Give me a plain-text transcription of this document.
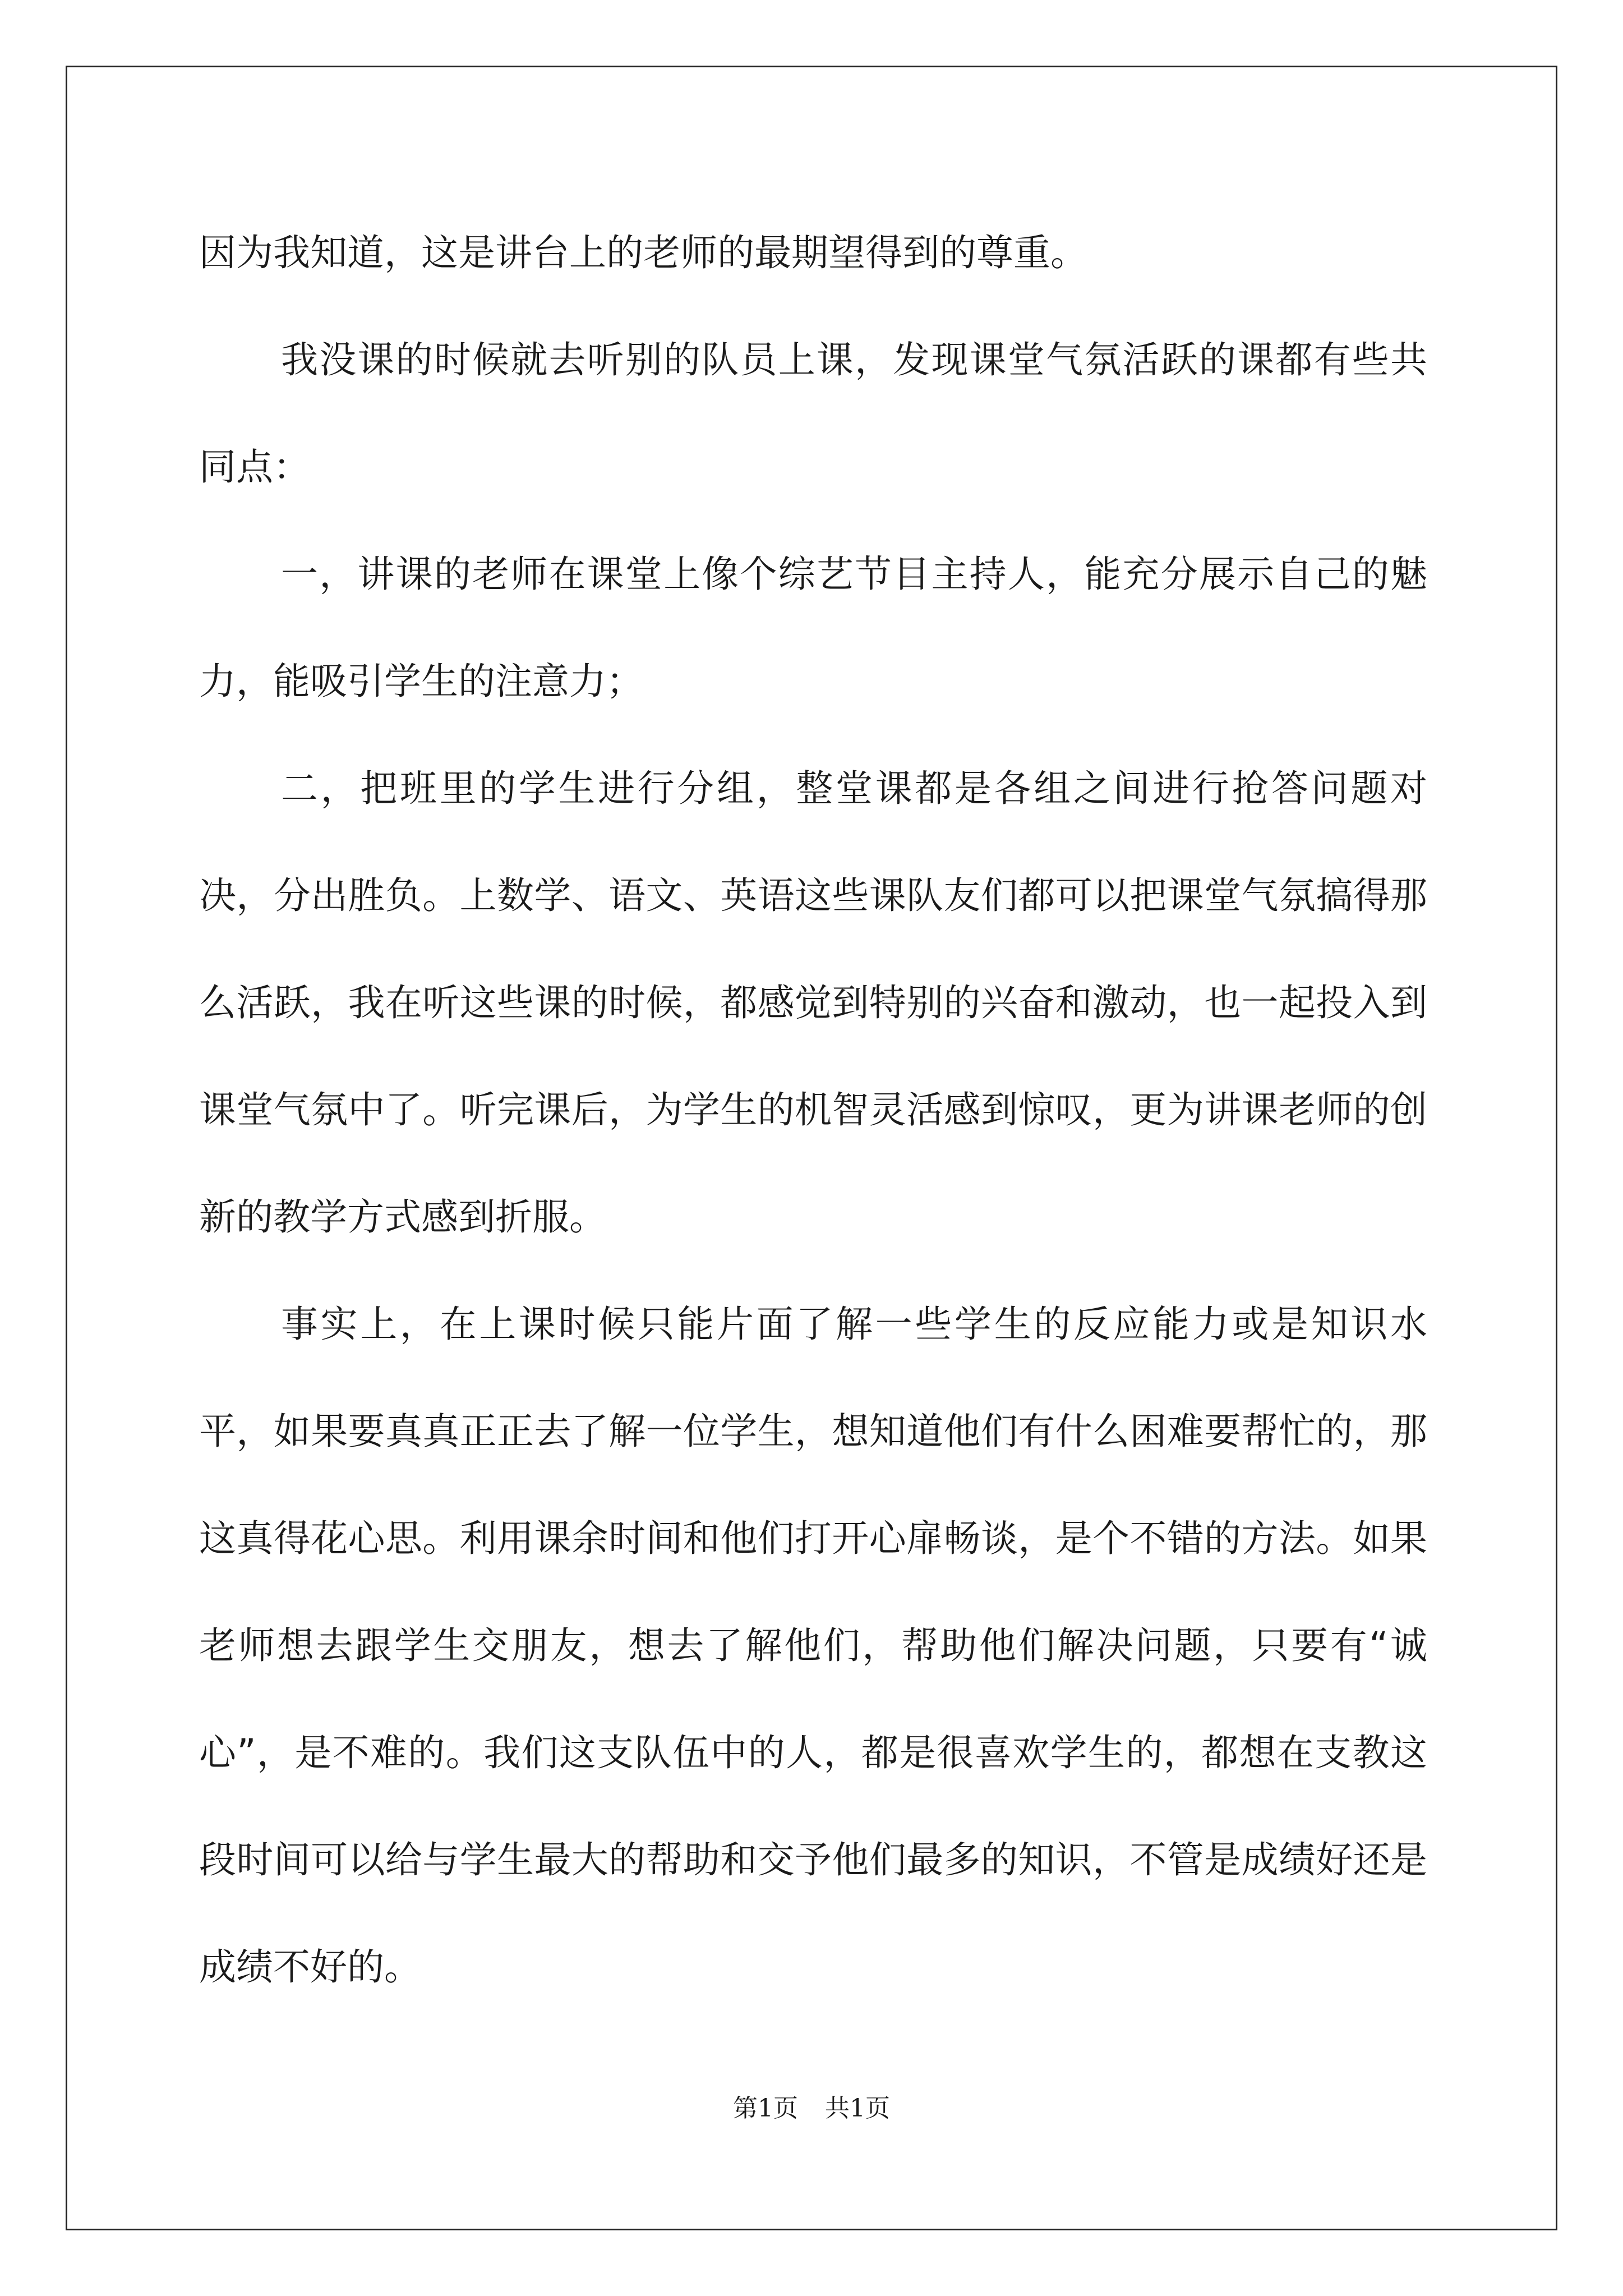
因为我知道，这是讲台上的老师的最期望得到的尊重。

我没课的时候就去听别的队员上课，发现课堂气氛活跃的课都有些共同点：

一，讲课的老师在课堂上像个综艺节目主持人，能充分展示自己的魅力，能吸引学生的注意力；

二，把班里的学生进行分组，整堂课都是各组之间进行抢答问题对决，分出胜负。上数学、语文、英语这些课队友们都可以把课堂气氛搞得那么活跃，我在听这些课的时候，都感觉到特别的兴奋和激动，也一起投入到课堂气氛中了。听完课后，为学生的机智灵活感到惊叹，更为讲课老师的创新的教学方式感到折服。

事实上，在上课时候只能片面了解一些学生的反应能力或是知识水平，如果要真真正正去了解一位学生，想知道他们有什么困难要帮忙的，那这真得花心思。利用课余时间和他们打开心扉畅谈，是个不错的方法。如果老师想去跟学生交朋友，想去了解他们，帮助他们解决问题，只要有“诚心”，是不难的。我们这支队伍中的人，都是很喜欢学生的，都想在支教这段时间可以给与学生最大的帮助和交予他们最多的知识，不管是成绩好还是成绩不好的。

第1页 共1页
